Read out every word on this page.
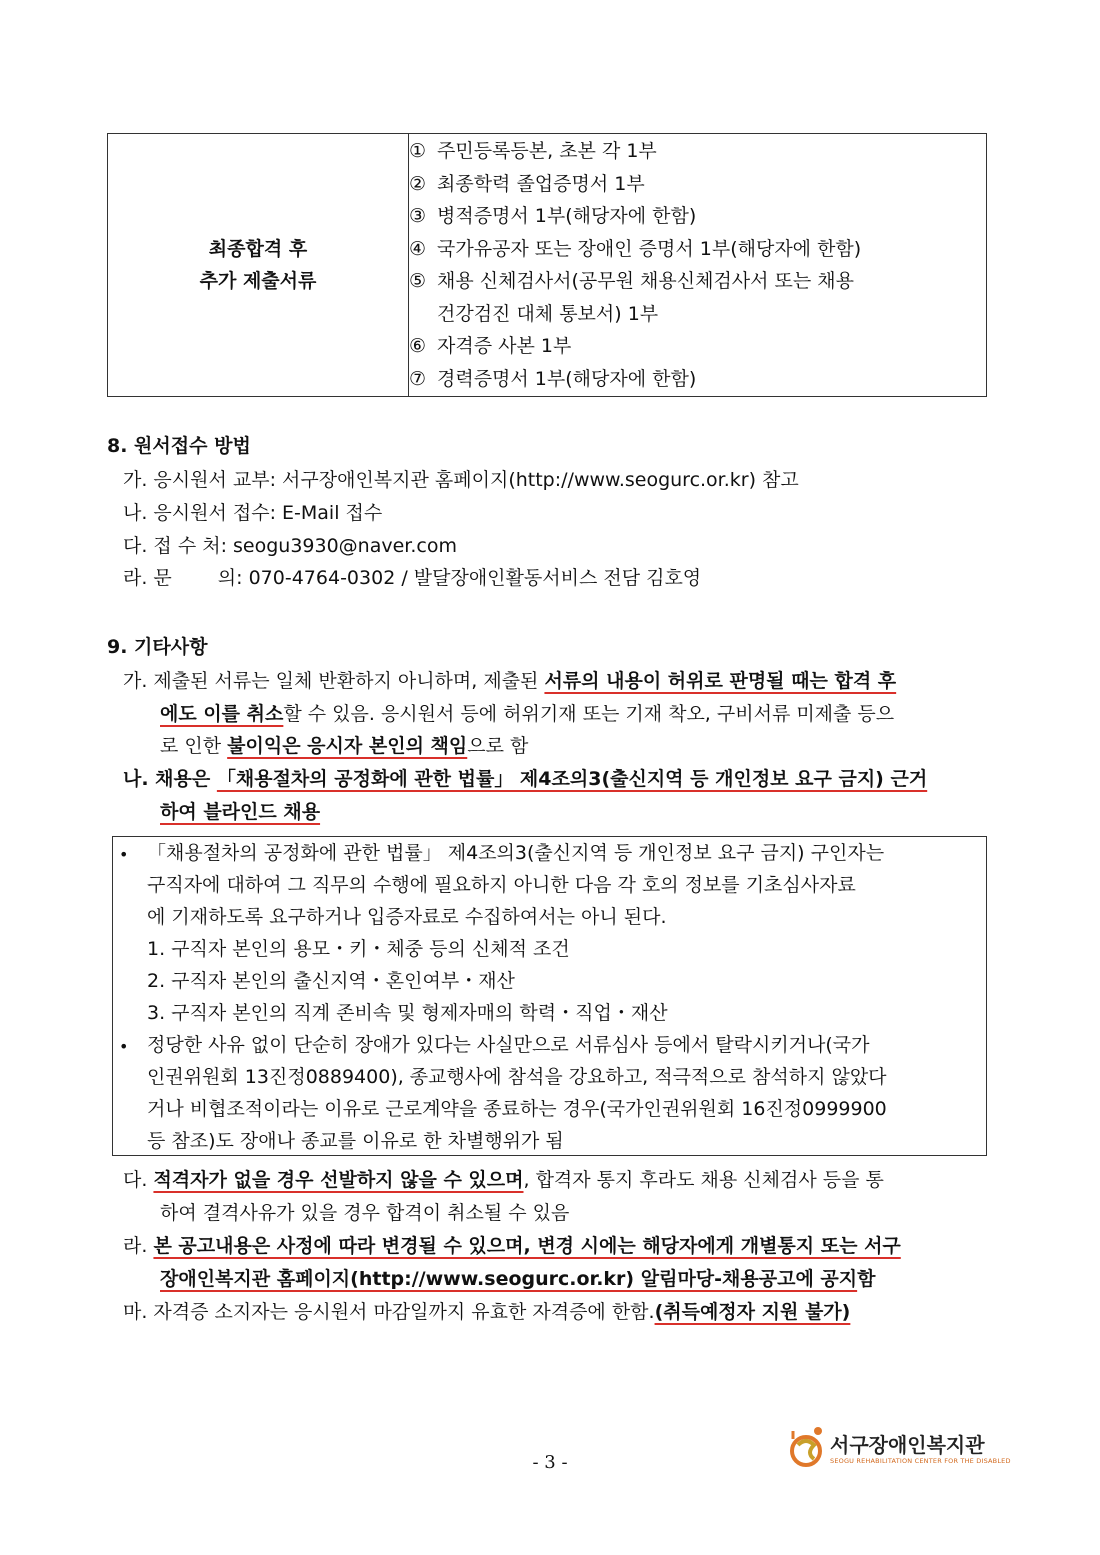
최종합격 후
추가 제출서류

① 주민등록등본, 초본 각 1부
② 최종학력 졸업증명서 1부
③ 병적증명서 1부(해당자에 한함)
④ 국가유공자 또는 장애인 증명서 1부(해당자에 한함)
⑤ 채용 신체검사서(공무원 채용신체검사서 또는 채용
건강검진 대체 통보서) 1부
⑥ 자격증 사본 1부
⑦ 경력증명서 1부(해당자에 한함)
8. 원서접수 방법
가. 응시원서 교부: 서구장애인복지관 홈페이지(http://www.seogurc.or.kr) 참고
나. 응시원서 접수: E-Mail 접수
다. 접 수 처: seogu3930@naver.com
라. 문 의: 070-4764-0302 / 발달장애인활동서비스 전담 김호영
9. 기타사항
가. 제출된 서류는 일체 반환하지 아니하며, 제출된 서류의 내용이 허위로 판명될 때는 합격 후
에도 이를 취소할 수 있음. 응시원서 등에 허위기재 또는 기재 착오, 구비서류 미제출 등으
로 인한 불이익은 응시자 본인의 책임으로 함
나. 채용은 「채용절차의 공정화에 관한 법률」 제4조의3(출신지역 등 개인정보 요구 금지) 근거
하여 블라인드 채용
• 「채용절차의 공정화에 관한 법률」 제4조의3(출신지역 등 개인정보 요구 금지) 구인자는
구직자에 대하여 그 직무의 수행에 필요하지 아니한 다음 각 호의 정보를 기초심사자료
에 기재하도록 요구하거나 입증자료로 수집하여서는 아니 된다.
1. 구직자 본인의 용모・키・체중 등의 신체적 조건
2. 구직자 본인의 출신지역・혼인여부・재산
3. 구직자 본인의 직계 존비속 및 형제자매의 학력・직업・재산
• 정당한 사유 없이 단순히 장애가 있다는 사실만으로 서류심사 등에서 탈락시키거나(국가
인권위원회 13진정0889400), 종교행사에 참석을 강요하고, 적극적으로 참석하지 않았다
거나 비협조적이라는 이유로 근로계약을 종료하는 경우(국가인권위원회 16진정0999900
등 참조)도 장애나 종교를 이유로 한 차별행위가 됨
다. 적격자가 없을 경우 선발하지 않을 수 있으며, 합격자 통지 후라도 채용 신체검사 등을 통
하여 결격사유가 있을 경우 합격이 취소될 수 있음
라. 본 공고내용은 사정에 따라 변경될 수 있으며, 변경 시에는 해당자에게 개별통지 또는 서구
장애인복지관 홈페이지(http://www.seogurc.or.kr) 알림마당-채용공고에 공지함
마. 자격증 소지자는 응시원서 마감일까지 유효한 자격증에 한함.(취득예정자 지원 불가)
- 3 -
서구장애인복지관
SEOGU REHABILITATION CENTER FOR THE DISABLED
